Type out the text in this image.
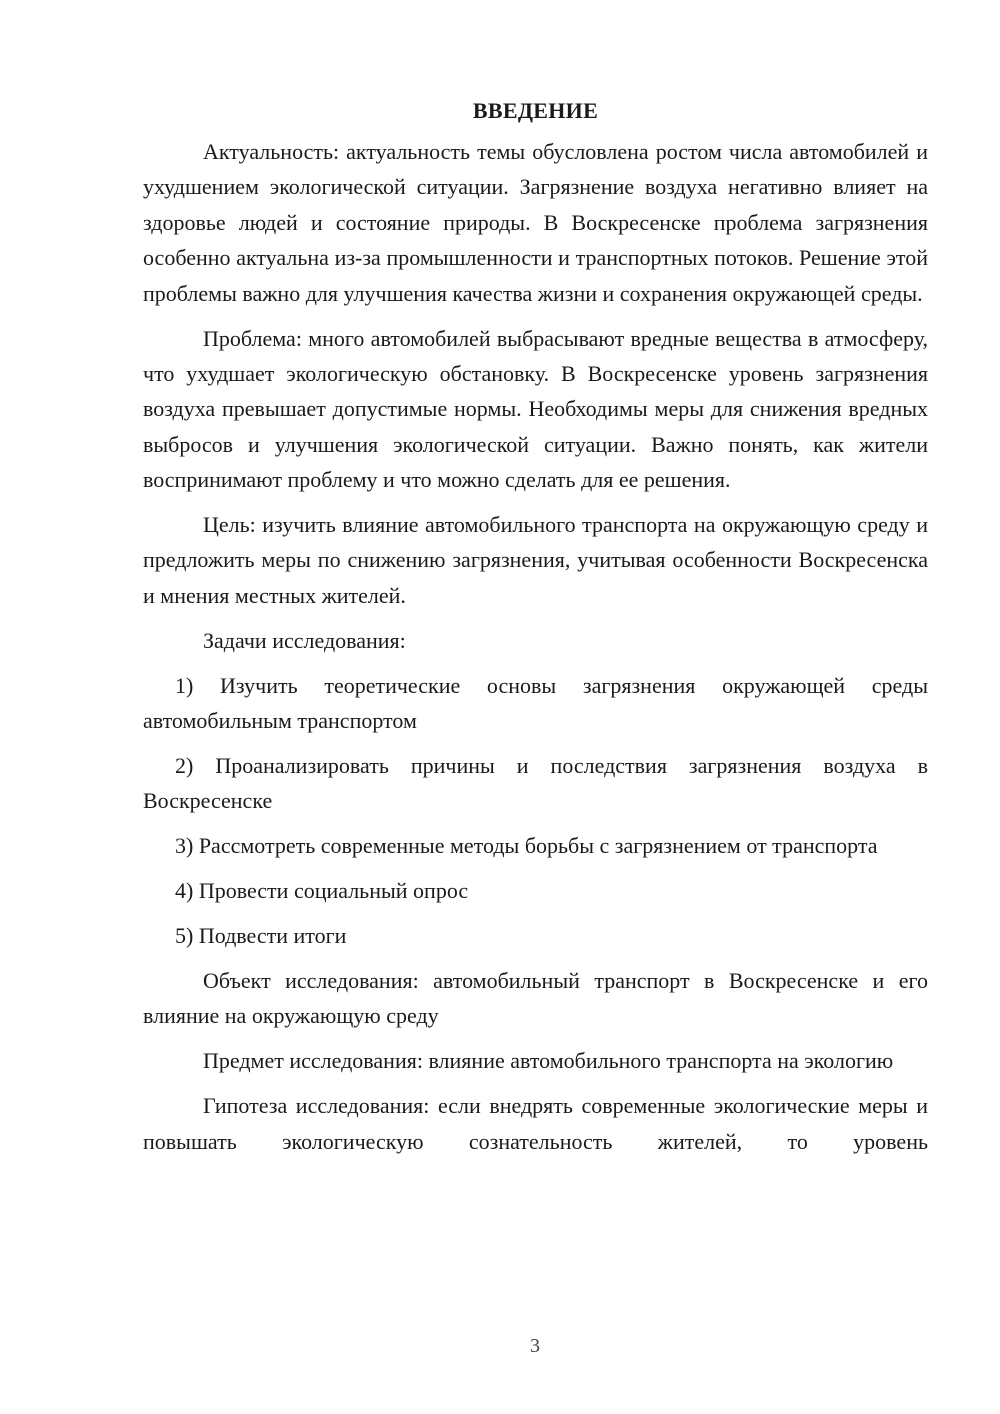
ВВЕДЕНИЕ

Актуальность: актуальность темы обусловлена ростом числа автомобилей и ухудшением экологической ситуации. Загрязнение воздуха негативно влияет на здоровье людей и состояние природы. В Воскресенске проблема загрязнения особенно актуальна из-за промышленности и транспортных потоков. Решение этой проблемы важно для улучшения качества жизни и сохранения окружающей среды.

Проблема: много автомобилей выбрасывают вредные вещества в атмосферу, что ухудшает экологическую обстановку. В Воскресенске уровень загрязнения воздуха превышает допустимые нормы. Необходимы меры для снижения вредных выбросов и улучшения экологической ситуации. Важно понять, как жители воспринимают проблему и что можно сделать для ее решения.

Цель: изучить влияние автомобильного транспорта на окружающую среду и предложить меры по снижению загрязнения, учитывая особенности Воскресенска и мнения местных жителей.

Задачи исследования:

1) Изучить теоретические основы загрязнения окружающей среды автомобильным транспортом

2) Проанализировать причины и последствия загрязнения воздуха в Воскресенске

3) Рассмотреть современные методы борьбы с загрязнением от транспорта

4) Провести социальный опрос

5) Подвести итоги

Объект исследования: автомобильный транспорт в Воскресенске и его влияние на окружающую среду

Предмет исследования: влияние автомобильного транспорта на экологию

Гипотеза исследования: если внедрять современные экологические меры и повышать экологическую сознательность жителей, то уровень

3
